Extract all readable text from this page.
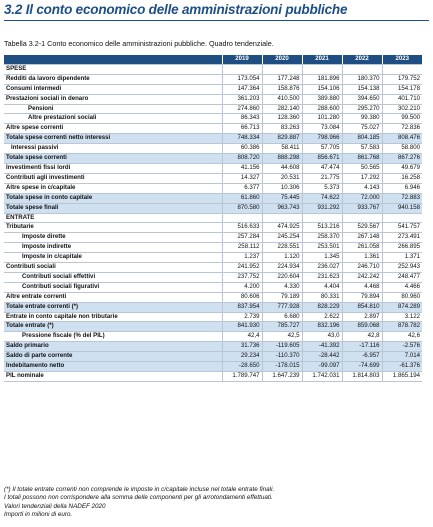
3.2 Il conto economico delle amministrazioni pubbliche
Tabella 3.2-1 Conto economico delle amministrazioni pubbliche. Quadro tendenziale.
	2019	2020	2021	2022	2023
SPESE					
Redditi da lavoro dipendente	173.054	177.248	181.896	180.370	179.752
Consumi intermedi	147.364	158.876	154.106	154.138	154.178
Prestazioni sociali in denaro	361.203	410.500	389.880	394.650	401.710
Pensioni	274.860	282.140	288.600	295.270	302.210
Altre prestazioni sociali	86.343	128.360	101.280	99.380	99.500
Altre spese correnti	66.713	83.263	73.084	75.027	72.836
Totale spese correnti netto interessi	748.334	829.887	798.966	804.185	808.476
Interessi passivi	60.386	58.411	57.705	57.583	58.800
Totale spese correnti	808.720	888.298	856.671	861.768	867.276
Investimenti fissi lordi	41.156	44.608	47.474	50.565	49.679
Contributi agli investimenti	14.327	20.531	21.775	17.292	16.258
Altre spese in c/capitale	6.377	10.306	5.373	4.143	6.946
Totale spese in conto capitale	61.860	75.445	74.622	72.000	72.883
Totale spese finali	870.580	963.743	931.292	933.767	940.158
ENTRATE					
Tributarie	516.633	474.925	513.216	529.567	541.757
Imposte dirette	257.284	245.254	258.370	267.148	273.491
Imposte indirette	258.112	228.551	253.501	261.058	266.895
Imposte in c/capitale	1.237	1.120	1.345	1.361	1.371
Contributi sociali	241.952	224.934	236.027	246.710	252.943
Contributi sociali effettivi	237.752	220.604	231.623	242.242	248.477
Contributi sociali figurativi	4.200	4.330	4.404	4.468	4.466
Altre entrate correnti	80.606	79.189	80.331	79.894	80.960
Totale entrate correnti (*)	837.954	777.928	828.229	854.810	874.289
Entrate in conto capitale non tributarie	2.739	6.680	2.622	2.897	3.122
Totale entrate (*)	841.930	785.727	832.196	859.068	878.782
Pressione fiscale (% del PIL)	42,4	42,5	43,0	42,8	42,6
Saldo primario	31.736	-119.605	-41.392	-17.116	-2.576
Saldo di parte corrente	29.234	-110.370	-28.442	-6.957	7.014
Indebitamento netto	-28.650	-178.015	-99.097	-74.699	-61.376
PIL nominale	1.789.747	1.647.239	1.742.031	1.814.803	1.865.194
(*) Il totale entrate correnti non comprende le imposte in c/capitale incluse nel totale entrate finali.
I totali possono non corrispondere alla somma delle componenti per gli arrotondamenti effettuati.
Valori tendenziali della NADEF 2020
Importi in milioni di euro.
